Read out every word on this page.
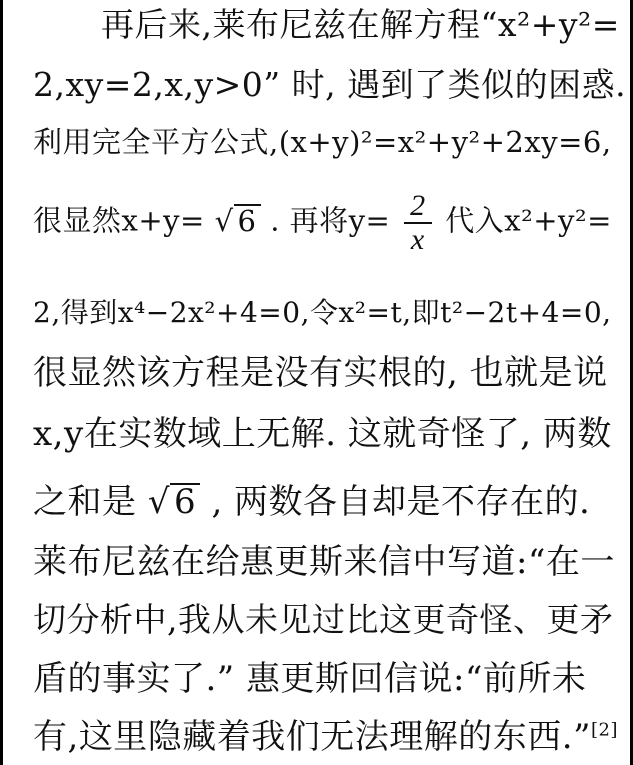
再后来,莱布尼兹在解方程“x²+y²=
2,xy=2,x,y>0” 时, 遇到了类似的困惑.
利用完全平方公式,(x+y)²=x²+y²+2xy=6,
很显然x+y= √ 6 . 再将$y= \frac{2}{x}$ 代入x²+y²=
2,得到x⁴−2x²+4=0,令x²=t,即t²−2t+4=0,
很显然该方程是没有实根的, 也就是说
x,y在实数域上无解. 这就奇怪了, 两数
之和是 √ 6 , 两数各自却是不存在的.
莱布尼兹在给惠更斯来信中写道:“在一
切分析中,我从未见过比这更奇怪、更矛
盾的事实了.” 惠更斯回信说:“前所未
有,这里隐藏着我们无法理解的东西.”[2]
